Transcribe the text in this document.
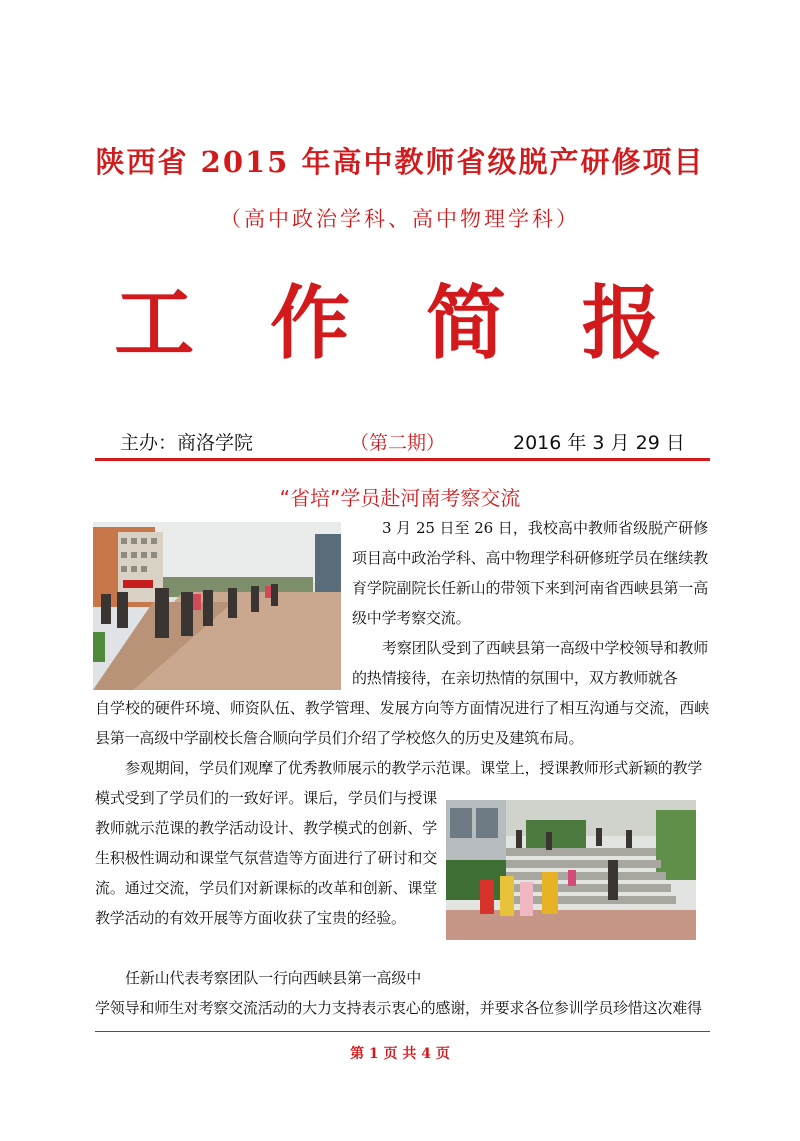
陕西省 2015 年高中教师省级脱产研修项目
（高中政治学科、高中物理学科）
工 作 简 报
主办：商洛学院	（第二期）	2016 年 3 月 29 日
“省培”学员赴河南考察交流

3 月 25 日至 26 日，我校高中教师省级脱产研修项目高中政治学科、高中物理学科研修班学员在继续教育学院副院长任新山的带领下来到河南省西峡县第一高级中学考察交流。

考察团队受到了西峡县第一高级中学校领导和教师的热情接待，在亲切热情的氛围中，双方教师就各

自学校的硬件环境、师资队伍、教学管理、发展方向等方面情况进行了相互沟通与交流，西峡县第一高级中学副校长詹合顺向学员们介绍了学校悠久的历史及建筑布局。

参观期间，学员们观摩了优秀教师展示的教学示范课。课堂上，授课教师形式新颖的教学

模式受到了学员们的一致好评。课后，学员们与授课教师就示范课的教学活动设计、教学模式的创新、学生积极性调动和课堂气氛营造等方面进行了研讨和交流。通过交流，学员们对新课标的改革和创新、课堂教学活动的有效开展等方面收获了宝贵的经验。

任新山代表考察团队一行向西峡县第一高级中

学领导和师生对考察交流活动的大力支持表示衷心的感谢，并要求各位参训学员珍惜这次难得

第 1 页 共 4 页
